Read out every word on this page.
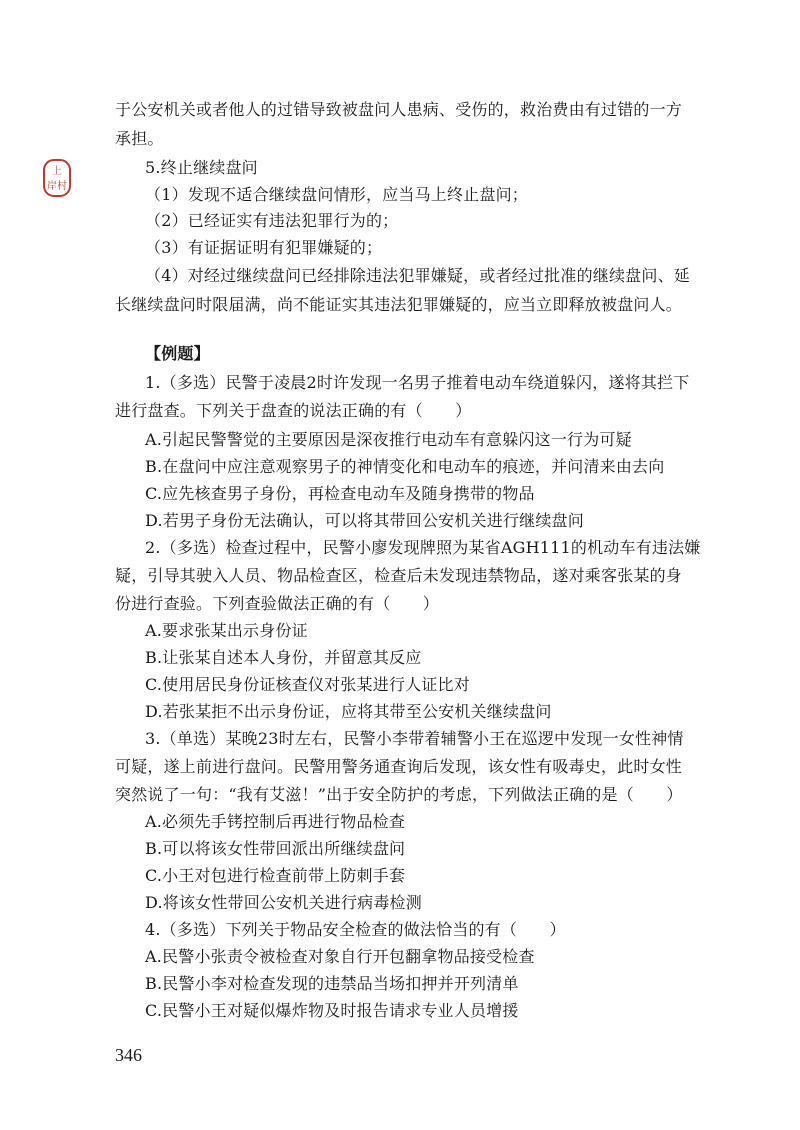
上
岸村
于公安机关或者他人的过错导致被盘问人患病、受伤的，救治费由有过错的一方
承担。
5.终止继续盘问
（1）发现不适合继续盘问情形，应当马上终止盘问；
（2）已经证实有违法犯罪行为的；
（3）有证据证明有犯罪嫌疑的；
（4）对经过继续盘问已经排除违法犯罪嫌疑，或者经过批准的继续盘问、延
长继续盘问时限届满，尚不能证实其违法犯罪嫌疑的，应当立即释放被盘问人。
【例题】
1.（多选）民警于凌晨2时许发现一名男子推着电动车绕道躲闪，遂将其拦下
进行盘查。下列关于盘查的说法正确的有（　　）
A.引起民警警觉的主要原因是深夜推行电动车有意躲闪这一行为可疑
B.在盘问中应注意观察男子的神情变化和电动车的痕迹，并问清来由去向
C.应先核查男子身份，再检查电动车及随身携带的物品
D.若男子身份无法确认，可以将其带回公安机关进行继续盘问
2.（多选）检查过程中，民警小廖发现牌照为某省AGH111的机动车有违法嫌
疑，引导其驶入人员、物品检查区，检查后未发现违禁物品，遂对乘客张某的身
份进行查验。下列查验做法正确的有（　　）
A.要求张某出示身份证
B.让张某自述本人身份，并留意其反应
C.使用居民身份证核查仪对张某进行人证比对
D.若张某拒不出示身份证，应将其带至公安机关继续盘问
3.（单选）某晚23时左右，民警小李带着辅警小王在巡逻中发现一女性神情
可疑，遂上前进行盘问。民警用警务通查询后发现，该女性有吸毒史，此时女性
突然说了一句：“我有艾滋！”出于安全防护的考虑，下列做法正确的是（　　）
A.必须先手铐控制后再进行物品检查
B.可以将该女性带回派出所继续盘问
C.小王对包进行检查前带上防刺手套
D.将该女性带回公安机关进行病毒检测
4.（多选）下列关于物品安全检查的做法恰当的有（　　）
A.民警小张责令被检查对象自行开包翻拿物品接受检查
B.民警小李对检查发现的违禁品当场扣押并开列清单
C.民警小王对疑似爆炸物及时报告请求专业人员增援
346
